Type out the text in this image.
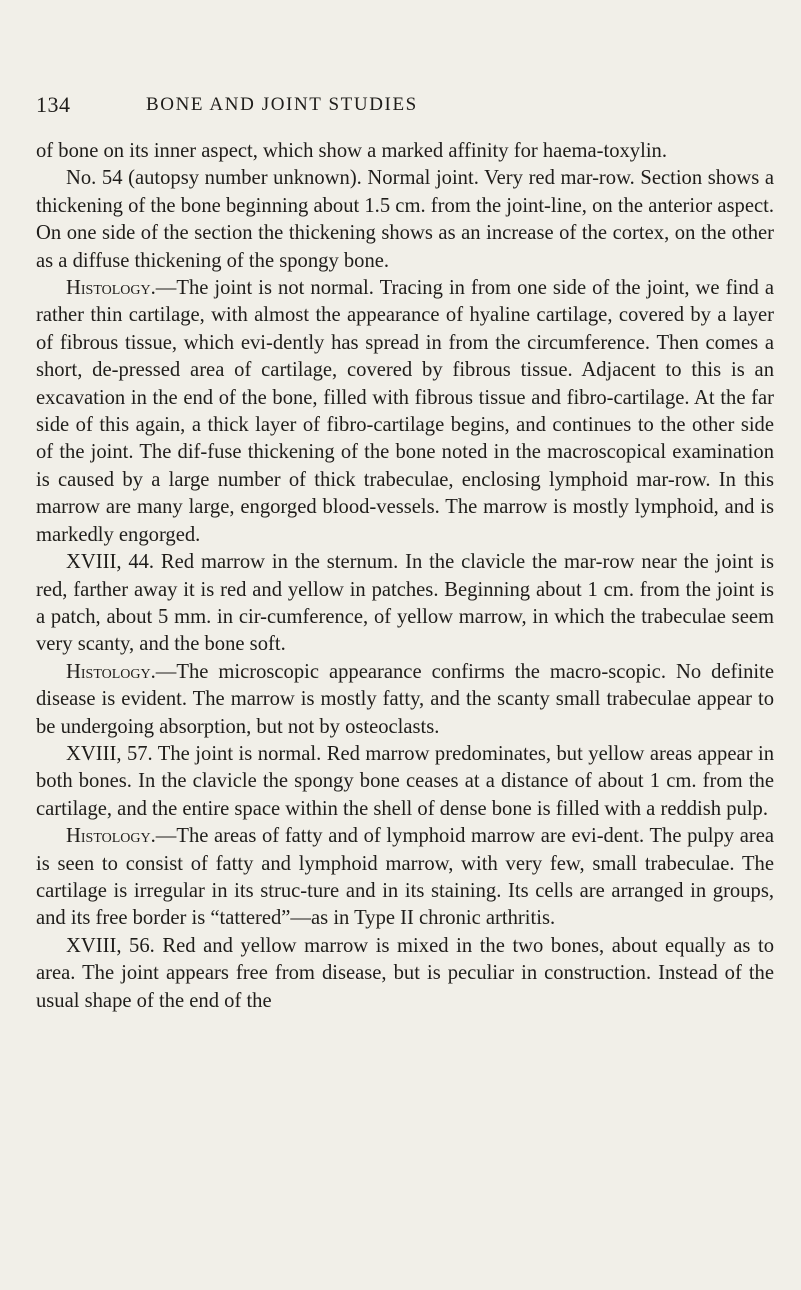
134	BONE AND JOINT STUDIES

of bone on its inner aspect, which show a marked affinity for haema-toxylin.

No. 54 (autopsy number unknown). Normal joint. Very red mar-row. Section shows a thickening of the bone beginning about 1.5 cm. from the joint-line, on the anterior aspect. On one side of the section the thickening shows as an increase of the cortex, on the other as a diffuse thickening of the spongy bone.

Histology.—The joint is not normal. Tracing in from one side of the joint, we find a rather thin cartilage, with almost the appearance of hyaline cartilage, covered by a layer of fibrous tissue, which evi-dently has spread in from the circumference. Then comes a short, de-pressed area of cartilage, covered by fibrous tissue. Adjacent to this is an excavation in the end of the bone, filled with fibrous tissue and fibro-cartilage. At the far side of this again, a thick layer of fibro-cartilage begins, and continues to the other side of the joint. The dif-fuse thickening of the bone noted in the macroscopical examination is caused by a large number of thick trabeculae, enclosing lymphoid mar-row. In this marrow are many large, engorged blood-vessels. The marrow is mostly lymphoid, and is markedly engorged.

XVIII, 44. Red marrow in the sternum. In the clavicle the mar-row near the joint is red, farther away it is red and yellow in patches. Beginning about 1 cm. from the joint is a patch, about 5 mm. in cir-cumference, of yellow marrow, in which the trabeculae seem very scanty, and the bone soft.

Histology.—The microscopic appearance confirms the macro-scopic. No definite disease is evident. The marrow is mostly fatty, and the scanty small trabeculae appear to be undergoing absorption, but not by osteoclasts.

XVIII, 57. The joint is normal. Red marrow predominates, but yellow areas appear in both bones. In the clavicle the spongy bone ceases at a distance of about 1 cm. from the cartilage, and the entire space within the shell of dense bone is filled with a reddish pulp.

Histology.—The areas of fatty and of lymphoid marrow are evi-dent. The pulpy area is seen to consist of fatty and lymphoid marrow, with very few, small trabeculae. The cartilage is irregular in its struc-ture and in its staining. Its cells are arranged in groups, and its free border is “tattered”—as in Type II chronic arthritis.

XVIII, 56. Red and yellow marrow is mixed in the two bones, about equally as to area. The joint appears free from disease, but is peculiar in construction. Instead of the usual shape of the end of the
